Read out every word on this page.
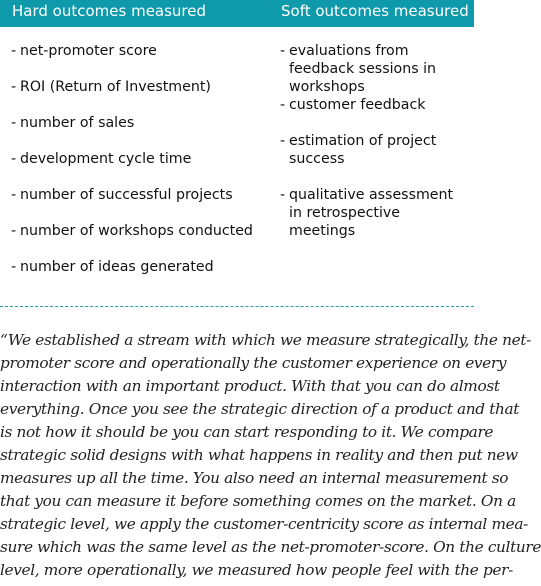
Hard outcomes measured	Soft outcomes measured
- net-promoter score
- ROI (Return of Investment)
- number of sales
- development cycle time
- number of successful projects
- number of workshops conducted
- number of ideas generated
- evaluations from feedback sessions in workshops
- customer feedback
- estimation of project success
- qualitative assessment in retrospective meetings
“We established a stream with which we measure strategically, the net-
promoter score and operationally the customer experience on every
interaction with an important product. With that you can do almost
everything. Once you see the strategic direction of a product and that
is not how it should be you can start responding to it. We compare
strategic solid designs with what happens in reality and then put new
measures up all the time. You also need an internal measurement so
that you can measure it before something comes on the market. On a
strategic level, we apply the customer-centricity score as internal mea-
sure which was the same level as the net-promoter-score. On the culture
level, more operationally, we measured how people feel with the per-
